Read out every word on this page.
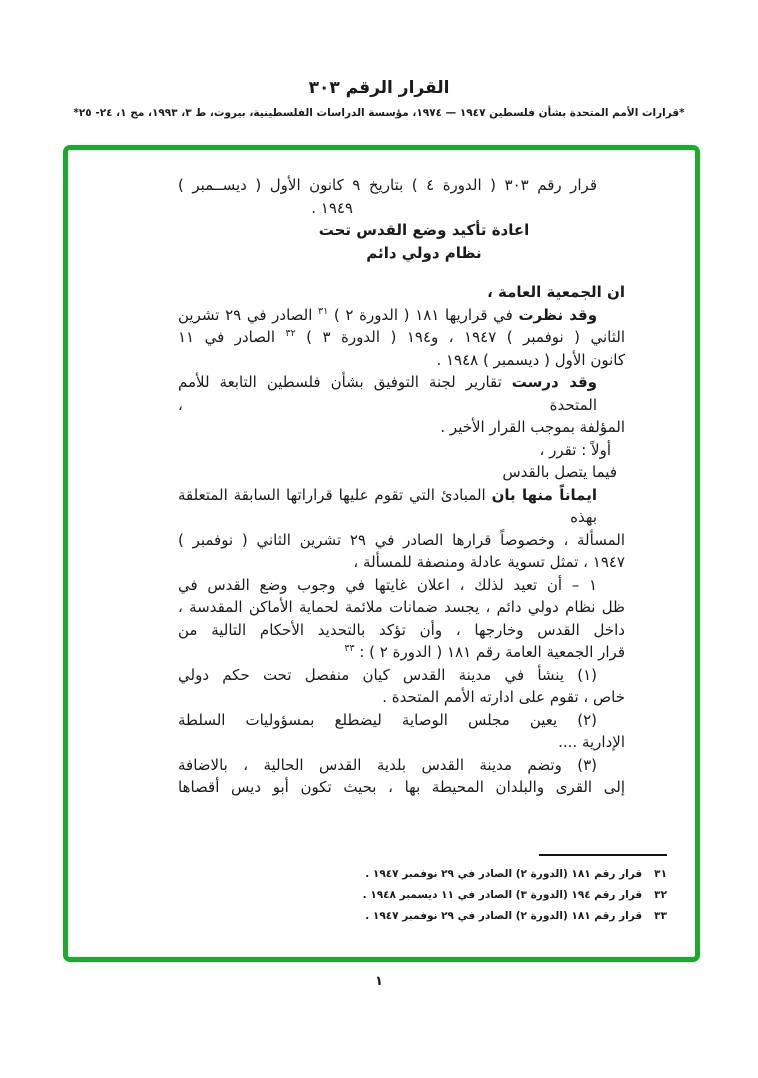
القرار الرقم ٣٠٣
*قرارات الأمم المتحدة بشأن فلسطين ١٩٤٧ — ١٩٧٤، مؤسسة الدراسات الفلسطينية، بيروت، ط ٣، ١٩٩٣، مج ١، ٢٤- ٢٥*
قرار رقم ٣٠٣ ( الدورة ٤ ) بتاريخ ٩ كانون الأول ( ديســمبر )
١٩٤٩ .
اعادة تأكيد وضع القدس تحت
نظام دولي دائم
ان الجمعية العامة ،
وقد نظرت في قراريها ١٨١ ( الدورة ٢ ) $^{٣١}$ الصادر في ٢٩ تشرين
الثاني ( نوفمبر ) ١٩٤٧ ، و١٩٤ ( الدورة ٣ ) $^{٣٢}$ الصادر في ١١
كانون الأول ( ديسمبر ) ١٩٤٨ .
وقد درست تقارير لجنة التوفيق بشأن فلسطين التابعة للأمم المتحدة ،
المؤلفة بموجب القرار الأخير .
أولاً : تقرر ،
فيما يتصل بالقدس
ايماناً منها بان المبادئ التي تقوم عليها قراراتها السابقة المتعلقة بهذه
المسألة ، وخصوصاً قرارها الصادر في ٢٩ تشرين الثاني ( نوفمبر )
١٩٤٧ ، تمثل تسوية عادلة ومنصفة للمسألة ،
١ – أن تعيد لذلك ، اعلان غايتها في وجوب وضع القدس في
ظل نظام دولي دائم ، يجسد ضمانات ملائمة لحماية الأماكن المقدسة ،
داخل القدس وخارجها ، وأن تؤكد بالتحديد الأحكام التالية من
قرار الجمعية العامة رقم ١٨١ ( الدورة ٢ ) : $^{٣٣}$
(١) ينشأ في مدينة القدس كيان منفصل تحت حكم دولي
خاص ، تقوم على ادارته الأمم المتحدة .
(٢) يعين مجلس الوصاية ليضطلع بمسؤوليات السلطة
الإدارية ....
(٣) وتضم مدينة القدس بلدية القدس الحالية ، بالاضافة
إلى القرى والبلدان المحيطة بها ، بحيث تكون أبو ديس أقصاها
٣١قرار رقم ١٨١ (الدورة ٢) الصادر في ٢٩ نوفمبر ١٩٤٧ .
٣٢قرار رقم ١٩٤ (الدورة ٣) الصادر في ١١ ديسمبر ١٩٤٨ .
٣٣قرار رقم ١٨١ (الدورة ٢) الصادر في ٢٩ نوفمبر ١٩٤٧ .
١
